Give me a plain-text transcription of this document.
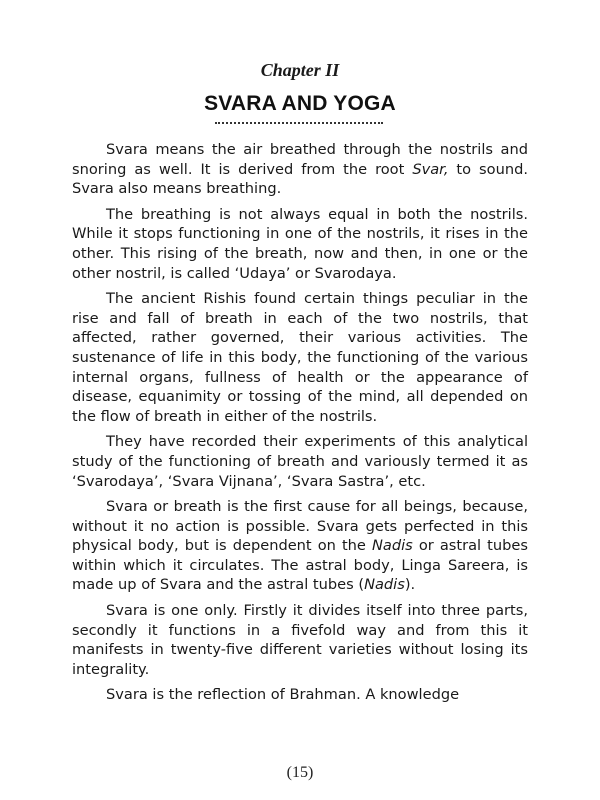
Chapter II
SVARA AND YOGA

Svara means the air breathed through the nostrils and snoring as well. It is derived from the root Svar, to sound. Svara also means breathing.

The breathing is not always equal in both the nostrils. While it stops functioning in one of the nostrils, it rises in the other. This rising of the breath, now and then, in one or the other nostril, is called ‘Udaya’ or Svarodaya.

The ancient Rishis found certain things peculiar in the rise and fall of breath in each of the two nostrils, that affected, rather governed, their various activities. The sustenance of life in this body, the functioning of the various internal organs, fullness of health or the appearance of disease, equanimity or tossing of the mind, all depended on the flow of breath in either of the nostrils.

They have recorded their experiments of this analytical study of the functioning of breath and variously termed it as ‘Svarodaya’, ‘Svara Vijnana’, ‘Svara Sastra’, etc.

Svara or breath is the first cause for all beings, because, without it no action is possible. Svara gets perfected in this physical body, but is dependent on the Nadis or astral tubes within which it circulates. The astral body, Linga Sareera, is made up of Svara and the astral tubes (Nadis).

Svara is one only. Firstly it divides itself into three parts, secondly it functions in a fivefold way and from this it manifests in twenty-five different varieties without losing its integrality.

Svara is the reflection of Brahman. A knowledge

(15)
